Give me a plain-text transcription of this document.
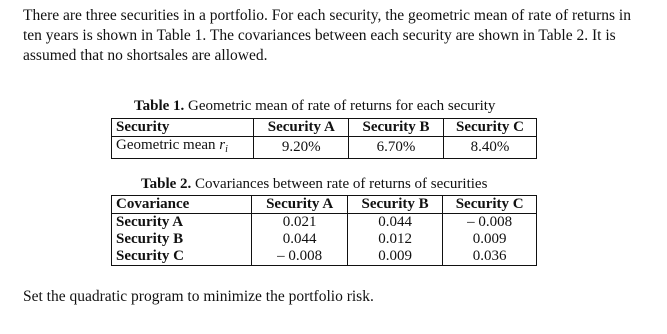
There are three securities in a portfolio. For each security, the geometric mean of rate of returns in ten years is shown in Table 1. The covariances between each security are shown in Table 2. It is assumed that no shortsales are allowed.

Table 1. Geometric mean of rate of returns for each security
Security	Security A	Security B	Security C
Geometric mean $\overline{r}_i$	9.20%	6.70%	8.40%
Table 2. Covariances between rate of returns of securities
Covariance	Security A	Security B	Security C
Security A	0.021	0.044	– 0.008
Security B	0.044	0.012	0.009
Security C	– 0.008	0.009	0.036

Set the quadratic program to minimize the portfolio risk.
